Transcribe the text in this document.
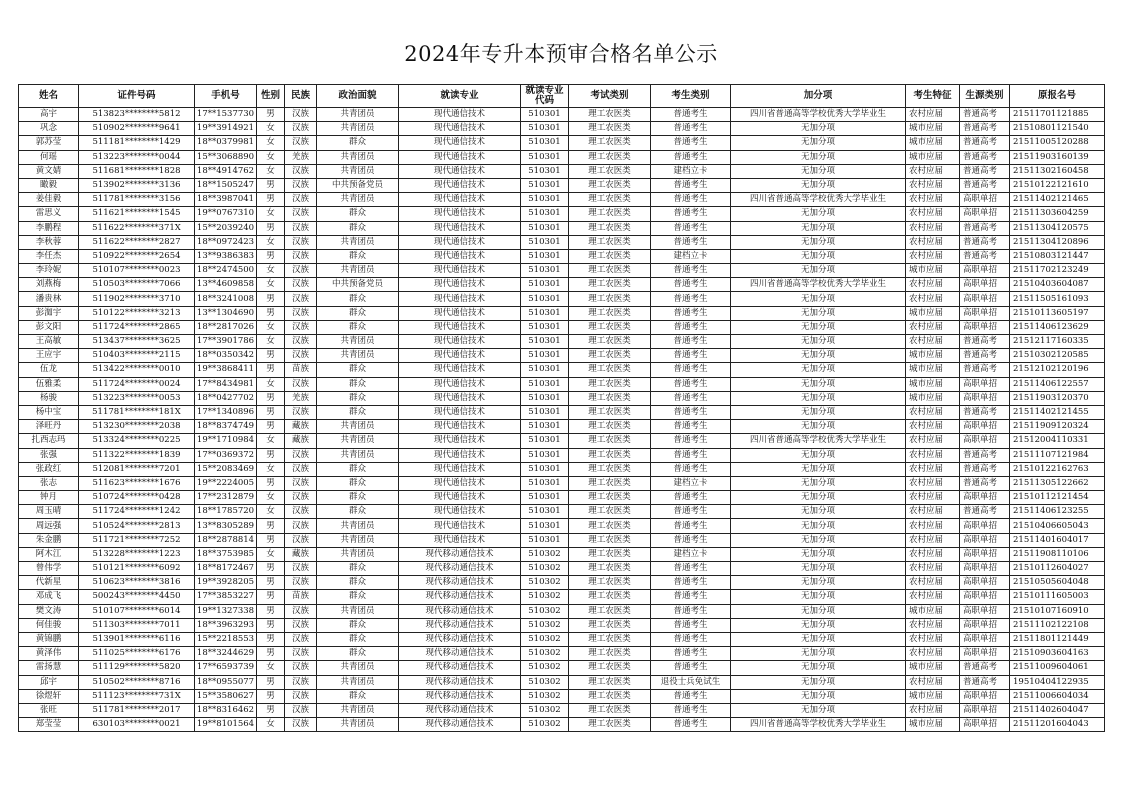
2024年专升本预审合格名单公示
姓名	证件号码	手机号	性别	民族	政治面貌	就读专业	就读专业代码	考试类别	考生类别	加分项	考生特征	生源类别	原报名号
高宇	513823********5812	17**1537730	男	汉族	共青团员	现代通信技术	510301	理工农医类	普通考生	四川省普通高等学校优秀大学毕业生	农村应届	普通高考	21511701121885
巩念	510902********9641	19**3914921	女	汉族	共青团员	现代通信技术	510301	理工农医类	普通考生	无加分项	城市应届	普通高考	21510801121540
郭苏莹	511181********1429	18**0379981	女	汉族	群众	现代通信技术	510301	理工农医类	普通考生	无加分项	城市应届	普通高考	21511005120288
何瑶	513223********0044	15**3068890	女	羌族	共青团员	现代通信技术	510301	理工农医类	普通考生	无加分项	城市应届	普通高考	21511903160139
黄文婧	511681********1828	18**4914762	女	汉族	共青团员	现代通信技术	510301	理工农医类	建档立卡	无加分项	农村应届	普通高考	21511302160458
瞰毅	513902********3136	18**1505247	男	汉族	中共预备党员	现代通信技术	510301	理工农医类	普通考生	无加分项	农村应届	普通高考	21510122121610
姜佳毅	511781********3156	18**3987041	男	汉族	共青团员	现代通信技术	510301	理工农医类	普通考生	四川省普通高等学校优秀大学毕业生	农村应届	高职单招	21511402121465
雷思义	511621********1545	19**0767310	女	汉族	群众	现代通信技术	510301	理工农医类	普通考生	无加分项	农村应届	高职单招	21511303604259
李鹏程	511622********371X	15**2039240	男	汉族	群众	现代通信技术	510301	理工农医类	普通考生	无加分项	农村应届	普通高考	21511304120575
李秋蓉	511622********2827	18**0972423	女	汉族	共青团员	现代通信技术	510301	理工农医类	普通考生	无加分项	农村应届	普通高考	21511304120896
李任杰	510922********2654	13**9386383	男	汉族	群众	现代通信技术	510301	理工农医类	建档立卡	无加分项	农村应届	普通高考	21510803121447
李玲妮	510107********0023	18**2474500	女	汉族	共青团员	现代通信技术	510301	理工农医类	普通考生	无加分项	城市应届	高职单招	21511702123249
刘燕梅	510503********7066	13**4609858	女	汉族	中共预备党员	现代通信技术	510301	理工农医类	普通考生	四川省普通高等学校优秀大学毕业生	农村应届	高职单招	21510403604087
潘贵林	511902********3710	18**3241008	男	汉族	群众	现代通信技术	510301	理工农医类	普通考生	无加分项	农村应届	高职单招	21511505161093
彭洳宇	510122********3213	13**1304690	男	汉族	群众	现代通信技术	510301	理工农医类	普通考生	无加分项	城市应届	高职单招	21510113605197
彭文阳	511724********2865	18**2817026	女	汉族	群众	现代通信技术	510301	理工农医类	普通考生	无加分项	农村应届	高职单招	21511406123629
王高敏	513437********3625	17**3901786	女	汉族	共青团员	现代通信技术	510301	理工农医类	普通考生	无加分项	农村应届	普通高考	21512117160335
王应宇	510403********2115	18**0350342	男	汉族	共青团员	现代通信技术	510301	理工农医类	普通考生	无加分项	城市应届	普通高考	21510302120585
伍龙	513422********0010	19**3868411	男	苗族	群众	现代通信技术	510301	理工农医类	普通考生	无加分项	城市应届	普通高考	21512102120196
伍雅柔	511724********0024	17**8434981	女	汉族	群众	现代通信技术	510301	理工农医类	普通考生	无加分项	城市应届	高职单招	21511406122557
杨骏	513223********0053	18**0427702	男	羌族	群众	现代通信技术	510301	理工农医类	普通考生	无加分项	城市应届	高职单招	21511903120370
杨中宝	511781********181X	17**1340896	男	汉族	群众	现代通信技术	510301	理工农医类	普通考生	无加分项	农村应届	普通高考	21511402121455
泽旺丹	513230********2038	18**8374749	男	藏族	共青团员	现代通信技术	510301	理工农医类	普通考生	无加分项	农村应届	高职单招	21511909120324
扎西志玛	513324********0225	19**1710984	女	藏族	共青团员	现代通信技术	510301	理工农医类	普通考生	四川省普通高等学校优秀大学毕业生	农村应届	高职单招	21512004110331
张强	511322********1839	17**0369372	男	汉族	共青团员	现代通信技术	510301	理工农医类	普通考生	无加分项	农村应届	普通高考	21511107121984
张政红	512081********7201	15**2083469	女	汉族	群众	现代通信技术	510301	理工农医类	普通考生	无加分项	农村应届	普通高考	21510122162763
张志	511623********1676	19**2224005	男	汉族	群众	现代通信技术	510301	理工农医类	建档立卡	无加分项	农村应届	普通高考	21511305122662
钟月	510724********0428	17**2312879	女	汉族	群众	现代通信技术	510301	理工农医类	普通考生	无加分项	农村应届	高职单招	21510112121454
周玉晴	511724********1242	18**1785720	女	汉族	群众	现代通信技术	510301	理工农医类	普通考生	无加分项	农村应届	普通高考	21511406123255
周远强	510524********2813	13**8305289	男	汉族	共青团员	现代通信技术	510301	理工农医类	普通考生	无加分项	农村应届	高职单招	21510406605043
朱金鹏	511721********7252	18**2878814	男	汉族	共青团员	现代通信技术	510301	理工农医类	普通考生	无加分项	农村应届	高职单招	21511401604017
阿木江	513228********1223	18**3753985	女	藏族	共青团员	现代移动通信技术	510302	理工农医类	建档立卡	无加分项	农村应届	高职单招	21511908110106
曾伟学	510121********6092	18**8172467	男	汉族	群众	现代移动通信技术	510302	理工农医类	普通考生	无加分项	农村应届	高职单招	21510112604027
代新星	510623********3816	19**3928205	男	汉族	群众	现代移动通信技术	510302	理工农医类	普通考生	无加分项	农村应届	高职单招	21510505604048
邓成飞	500243********4450	17**3853227	男	苗族	群众	现代移动通信技术	510302	理工农医类	普通考生	无加分项	农村应届	高职单招	21510111605003
樊文涛	510107********6014	19**1327338	男	汉族	共青团员	现代移动通信技术	510302	理工农医类	普通考生	无加分项	城市应届	高职单招	21510107160910
何佳骏	511303********7011	18**3963293	男	汉族	群众	现代移动通信技术	510302	理工农医类	普通考生	无加分项	农村应届	高职单招	21511102122108
黄锦鹏	513901********6116	15**2218553	男	汉族	群众	现代移动通信技术	510302	理工农医类	普通考生	无加分项	农村应届	高职单招	21511801121449
黄泽伟	511025********6176	18**3244629	男	汉族	群众	现代移动通信技术	510302	理工农医类	普通考生	无加分项	农村应届	高职单招	21510903604163
雷扬慧	511129********5820	17**6593739	女	汉族	共青团员	现代移动通信技术	510302	理工农医类	普通考生	无加分项	城市应届	普通高考	21511009604061
邱宇	510502********8716	18**0955077	男	汉族	共青团员	现代移动通信技术	510302	理工农医类	退役士兵免试生	无加分项	农村应届	普通高考	19510404122935
徐煜轩	511123********731X	15**3580627	男	汉族	群众	现代移动通信技术	510302	理工农医类	普通考生	无加分项	城市应届	高职单招	21511006604034
张旺	511781********2017	18**8316462	男	汉族	共青团员	现代移动通信技术	510302	理工农医类	普通考生	无加分项	农村应届	高职单招	21511402604047
郑莹莹	630103********0021	19**8101564	女	汉族	共青团员	现代移动通信技术	510302	理工农医类	普通考生	四川省普通高等学校优秀大学毕业生	城市应届	高职单招	21511201604043
